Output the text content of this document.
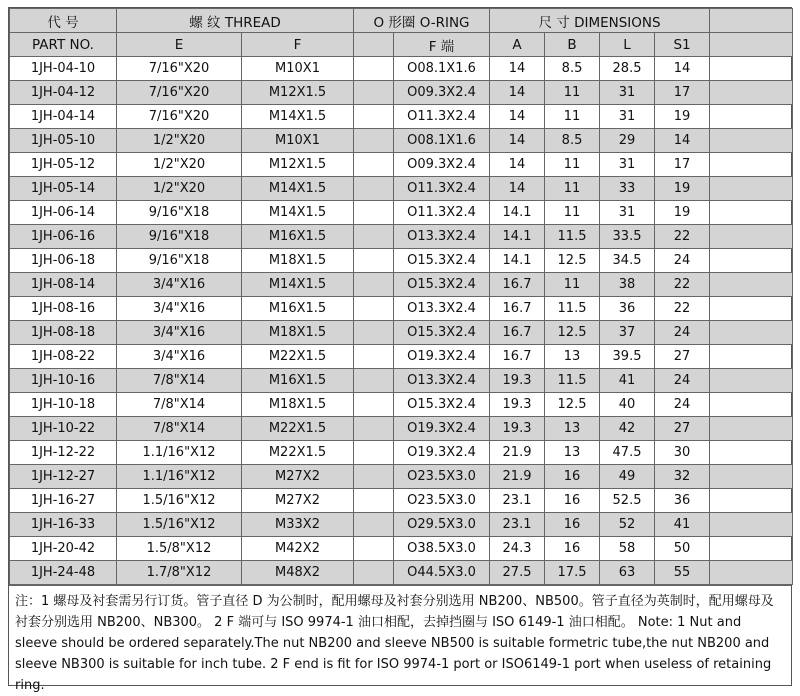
代 号	螺 纹 THREAD		O 形圈 O-RING		尺 寸 DIMENSIONS				
PART NO.	E	F		F 端	A	B	L	S1	
1JH-04-10	7/16"X20	M10X1		O08.1X1.6	14	8.5	28.5	14	
1JH-04-12	7/16"X20	M12X1.5		O09.3X2.4	14	11	31	17	
1JH-04-14	7/16"X20	M14X1.5		O11.3X2.4	14	11	31	19	
1JH-05-10	1/2"X20	M10X1		O08.1X1.6	14	8.5	29	14	
1JH-05-12	1/2"X20	M12X1.5		O09.3X2.4	14	11	31	17	
1JH-05-14	1/2"X20	M14X1.5		O11.3X2.4	14	11	33	19	
1JH-06-14	9/16"X18	M14X1.5		O11.3X2.4	14.1	11	31	19	
1JH-06-16	9/16"X18	M16X1.5		O13.3X2.4	14.1	11.5	33.5	22	
1JH-06-18	9/16"X18	M18X1.5		O15.3X2.4	14.1	12.5	34.5	24	
1JH-08-14	3/4"X16	M14X1.5		O15.3X2.4	16.7	11	38	22	
1JH-08-16	3/4"X16	M16X1.5		O13.3X2.4	16.7	11.5	36	22	
1JH-08-18	3/4"X16	M18X1.5		O15.3X2.4	16.7	12.5	37	24	
1JH-08-22	3/4"X16	M22X1.5		O19.3X2.4	16.7	13	39.5	27	
1JH-10-16	7/8"X14	M16X1.5		O13.3X2.4	19.3	11.5	41	24	
1JH-10-18	7/8"X14	M18X1.5		O15.3X2.4	19.3	12.5	40	24	
1JH-10-22	7/8"X14	M22X1.5		O19.3X2.4	19.3	13	42	27	
1JH-12-22	1.1/16"X12	M22X1.5		O19.3X2.4	21.9	13	47.5	30	
1JH-12-27	1.1/16"X12	M27X2		O23.5X3.0	21.9	16	49	32	
1JH-16-27	1.5/16"X12	M27X2		O23.5X3.0	23.1	16	52.5	36	
1JH-16-33	1.5/16"X12	M33X2		O29.5X3.0	23.1	16	52	41	
1JH-20-42	1.5/8"X12	M42X2		O38.5X3.0	24.3	16	58	50	
1JH-24-48	1.7/8"X12	M48X2		O44.5X3.0	27.5	17.5	63	55	
注：1 螺母及衬套需另行订货。管子直径 D 为公制时，配用螺母及衬套分别选用 NB200、NB500。管子直径为英制时，配用螺母及衬套分别选用 NB200、NB300。 2 F 端可与 ISO 9974-1 油口相配，去掉挡圈与 ISO 6149-1 油口相配。 Note: 1 Nut and sleeve should be ordered separately.The nut NB200 and sleeve NB500 is suitable formetric tube,the nut NB200 and sleeve NB300 is suitable for inch tube. 2 F end is fit for ISO 9974-1 port or ISO6149-1 port when useless of retaining ring.
